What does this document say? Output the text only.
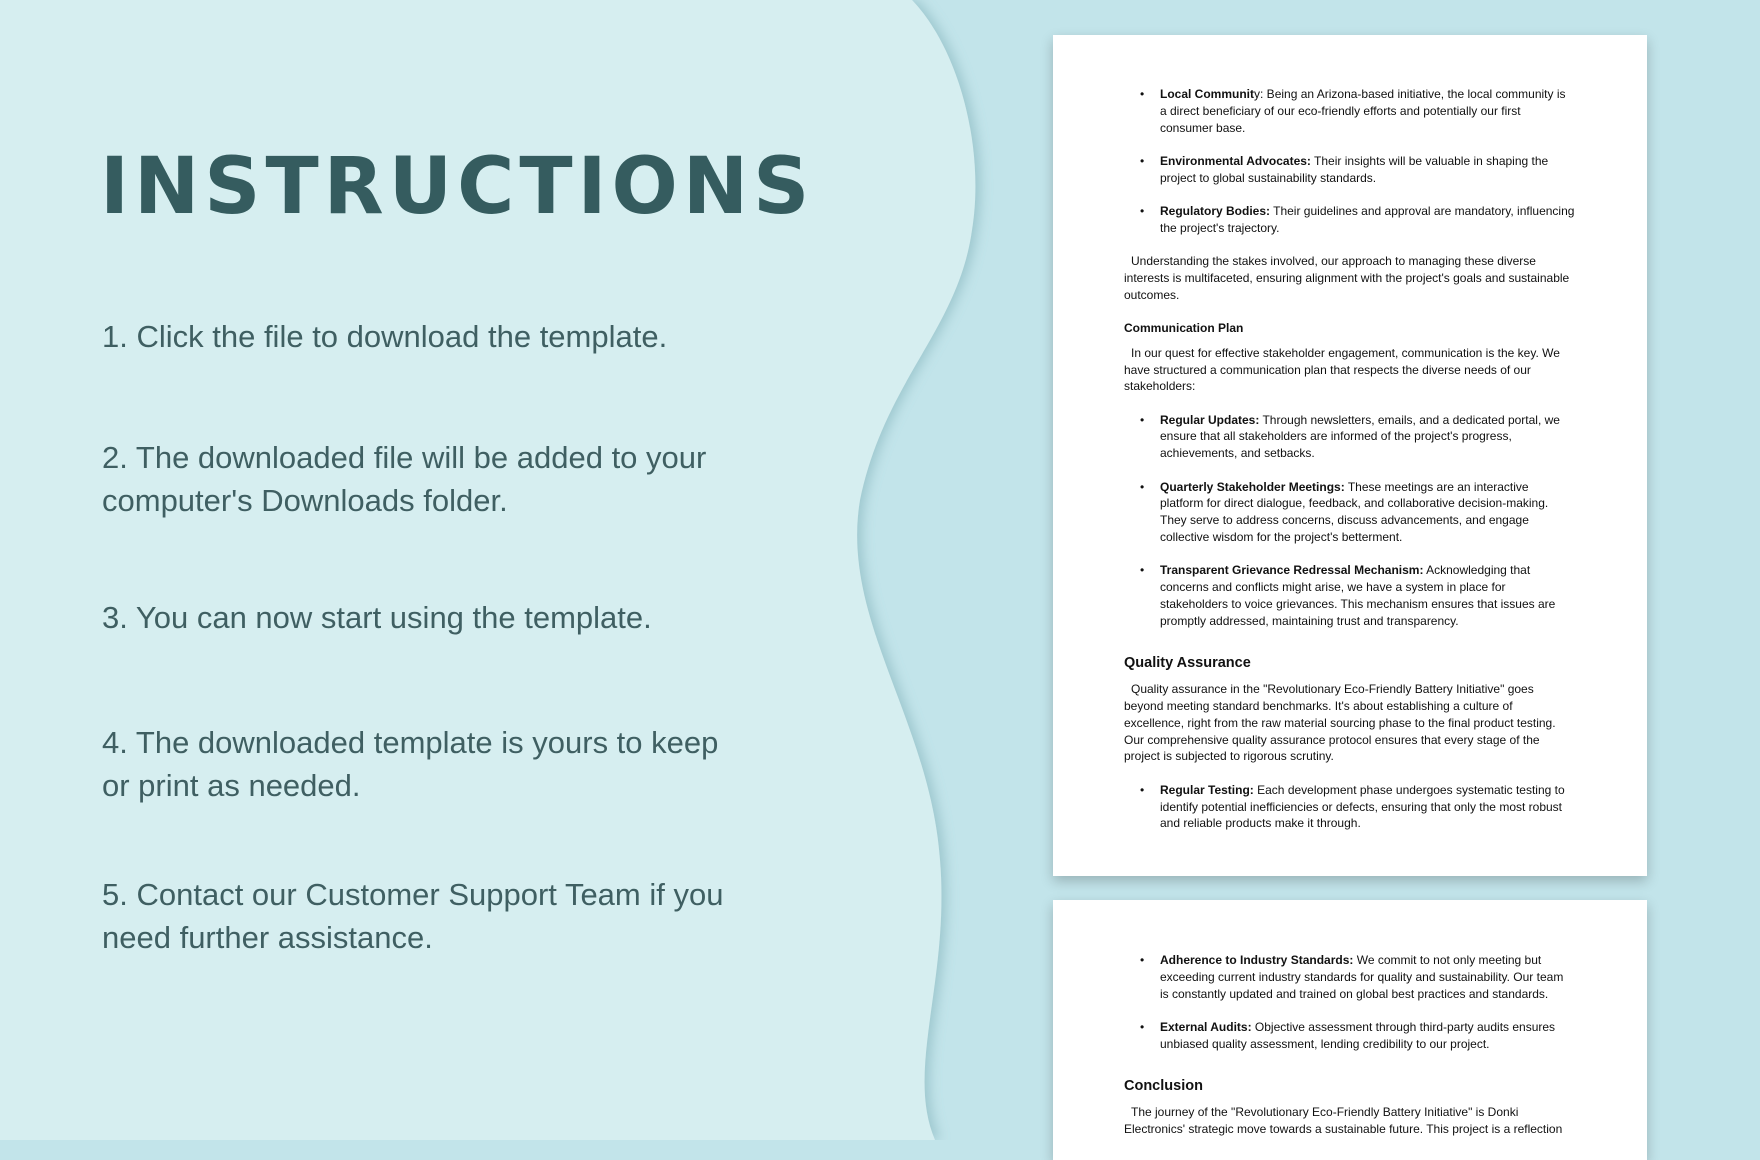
INSTRUCTIONS
1. Click the file to download the template.
2. The downloaded file will be added to your
computer's Downloads folder.
3. You can now start using the template.
4. The downloaded template is yours to keep
or print as needed.
5. Contact our Customer Support Team if you
need further assistance.
• Local Community: Being an Arizona-based initiative, the local community is a direct beneficiary of our eco-friendly efforts and potentially our first consumer base.
• Environmental Advocates: Their insights will be valuable in shaping the project to global sustainability standards.
• Regulatory Bodies: Their guidelines and approval are mandatory, influencing the project's trajectory.

Understanding the stakes involved, our approach to managing these diverse interests is multifaceted, ensuring alignment with the project's goals and sustainable outcomes.

Communication Plan

In our quest for effective stakeholder engagement, communication is the key. We have structured a communication plan that respects the diverse needs of our stakeholders:

• Regular Updates: Through newsletters, emails, and a dedicated portal, we ensure that all stakeholders are informed of the project's progress, achievements, and setbacks.
• Quarterly Stakeholder Meetings: These meetings are an interactive platform for direct dialogue, feedback, and collaborative decision-making. They serve to address concerns, discuss advancements, and engage collective wisdom for the project's betterment.
• Transparent Grievance Redressal Mechanism: Acknowledging that concerns and conflicts might arise, we have a system in place for stakeholders to voice grievances. This mechanism ensures that issues are promptly addressed, maintaining trust and transparency.
Quality Assurance

Quality assurance in the "Revolutionary Eco-Friendly Battery Initiative" goes beyond meeting standard benchmarks. It's about establishing a culture of excellence, right from the raw material sourcing phase to the final product testing. Our comprehensive quality assurance protocol ensures that every stage of the project is subjected to rigorous scrutiny.

• Regular Testing: Each development phase undergoes systematic testing to identify potential inefficiencies or defects, ensuring that only the most robust and reliable products make it through.
• Adherence to Industry Standards: We commit to not only meeting but exceeding current industry standards for quality and sustainability. Our team is constantly updated and trained on global best practices and standards.
• External Audits: Objective assessment through third-party audits ensures unbiased quality assessment, lending credibility to our project.
Conclusion

The journey of the "Revolutionary Eco-Friendly Battery Initiative" is Donki Electronics' strategic move towards a sustainable future. This project is a reflection
